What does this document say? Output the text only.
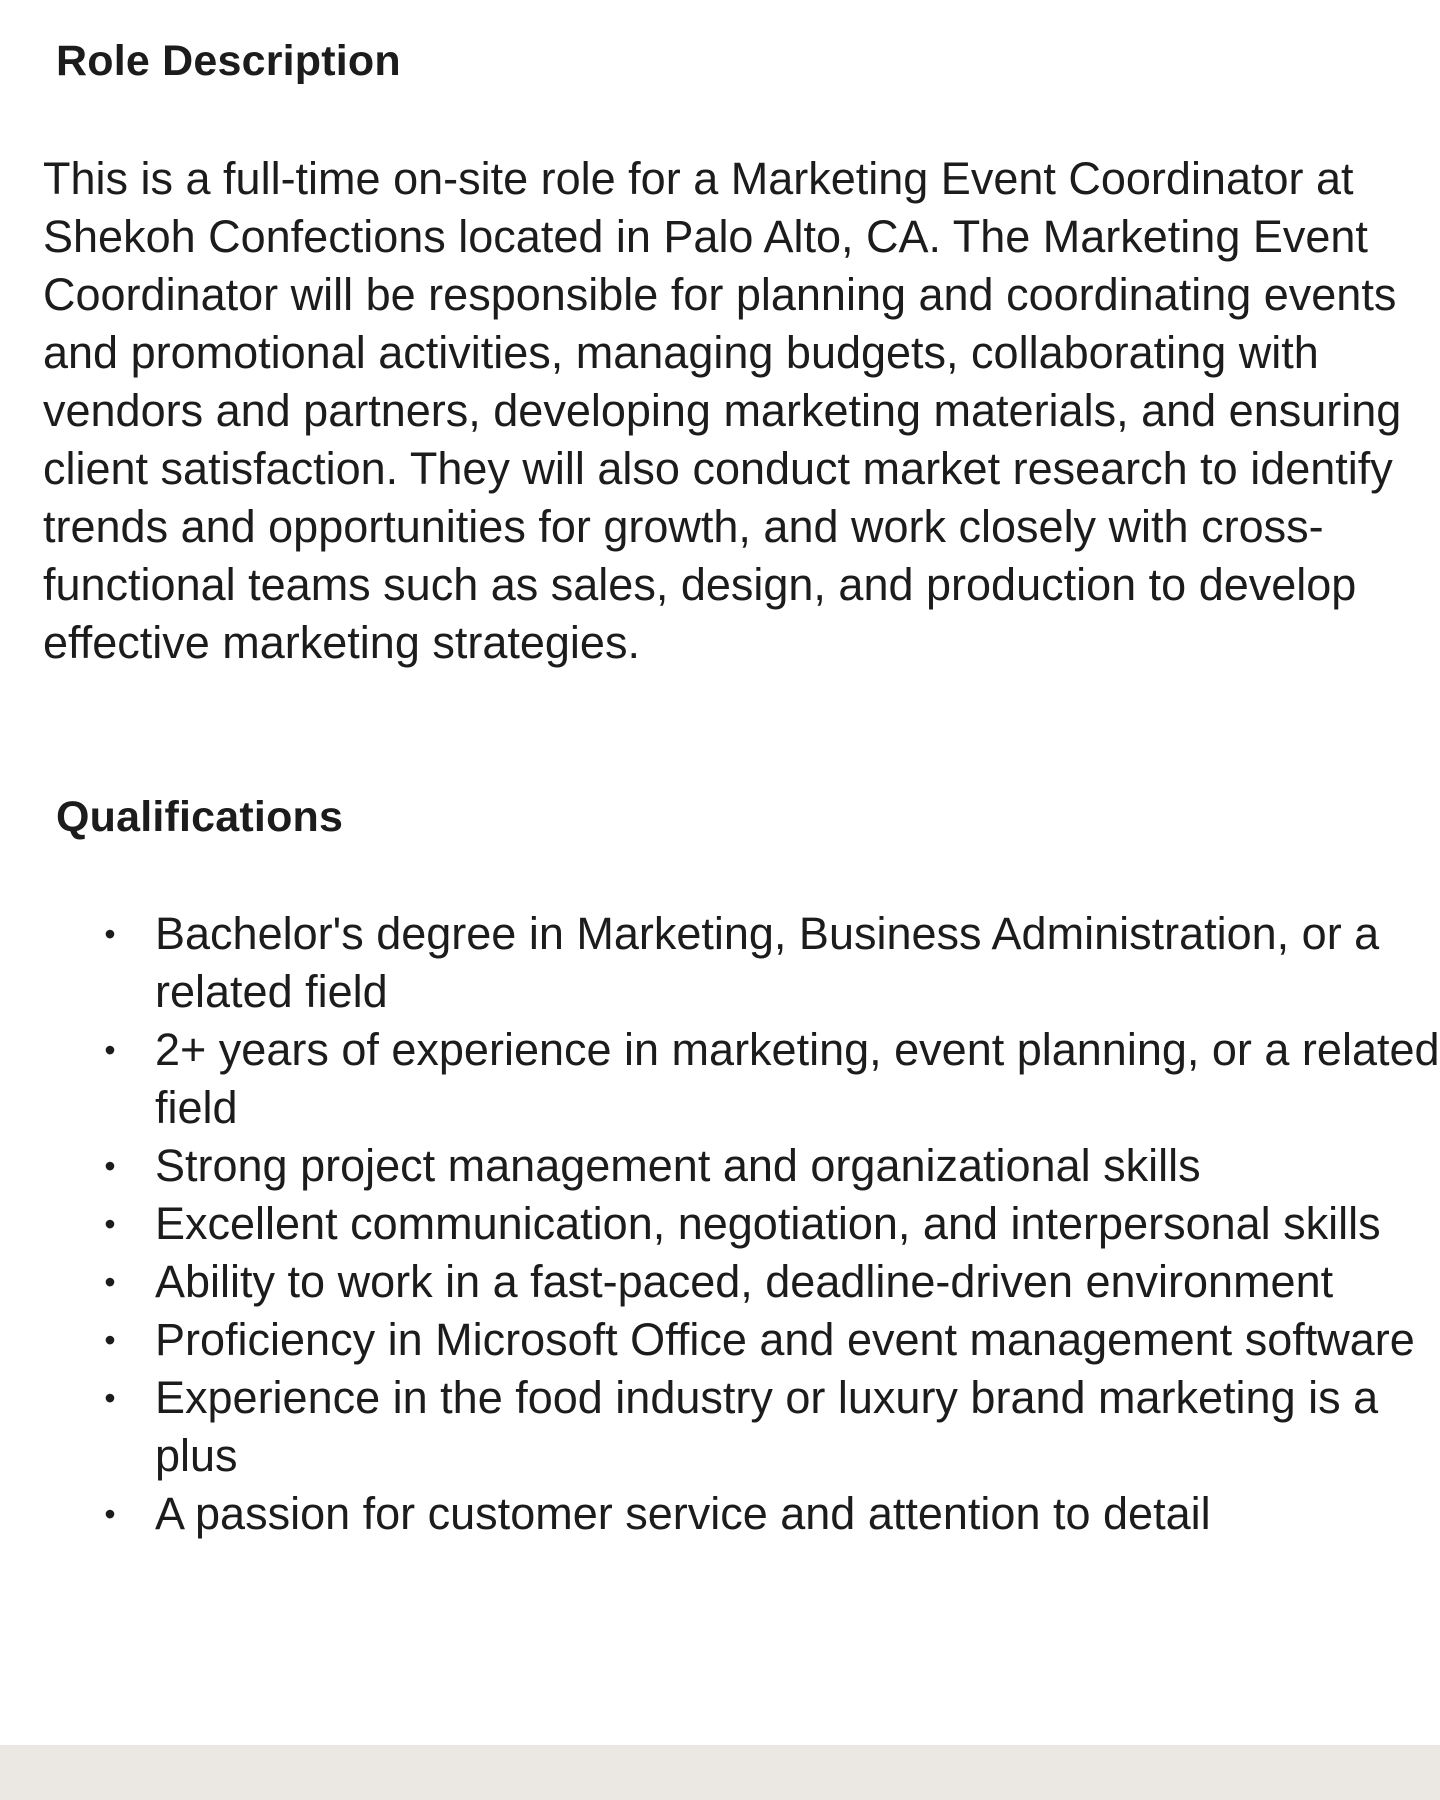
Role Description

This is a full-time on-site role for a Marketing Event Coordinator at Shekoh Confections located in Palo Alto, CA. The Marketing Event Coordinator will be responsible for planning and coordinating events and promotional activities, managing budgets, collaborating with vendors and partners, developing marketing materials, and ensuring client satisfaction. They will also conduct market research to identify trends and opportunities for growth, and work closely with cross-functional teams such as sales, design, and production to develop effective marketing strategies.

Qualifications
• Bachelor's degree in Marketing, Business Administration, or a related field
• 2+ years of experience in marketing, event planning, or a related field
• Strong project management and organizational skills
• Excellent communication, negotiation, and interpersonal skills
• Ability to work in a fast-paced, deadline-driven environment
• Proficiency in Microsoft Office and event management software
• Experience in the food industry or luxury brand marketing is a plus
• A passion for customer service and attention to detail
